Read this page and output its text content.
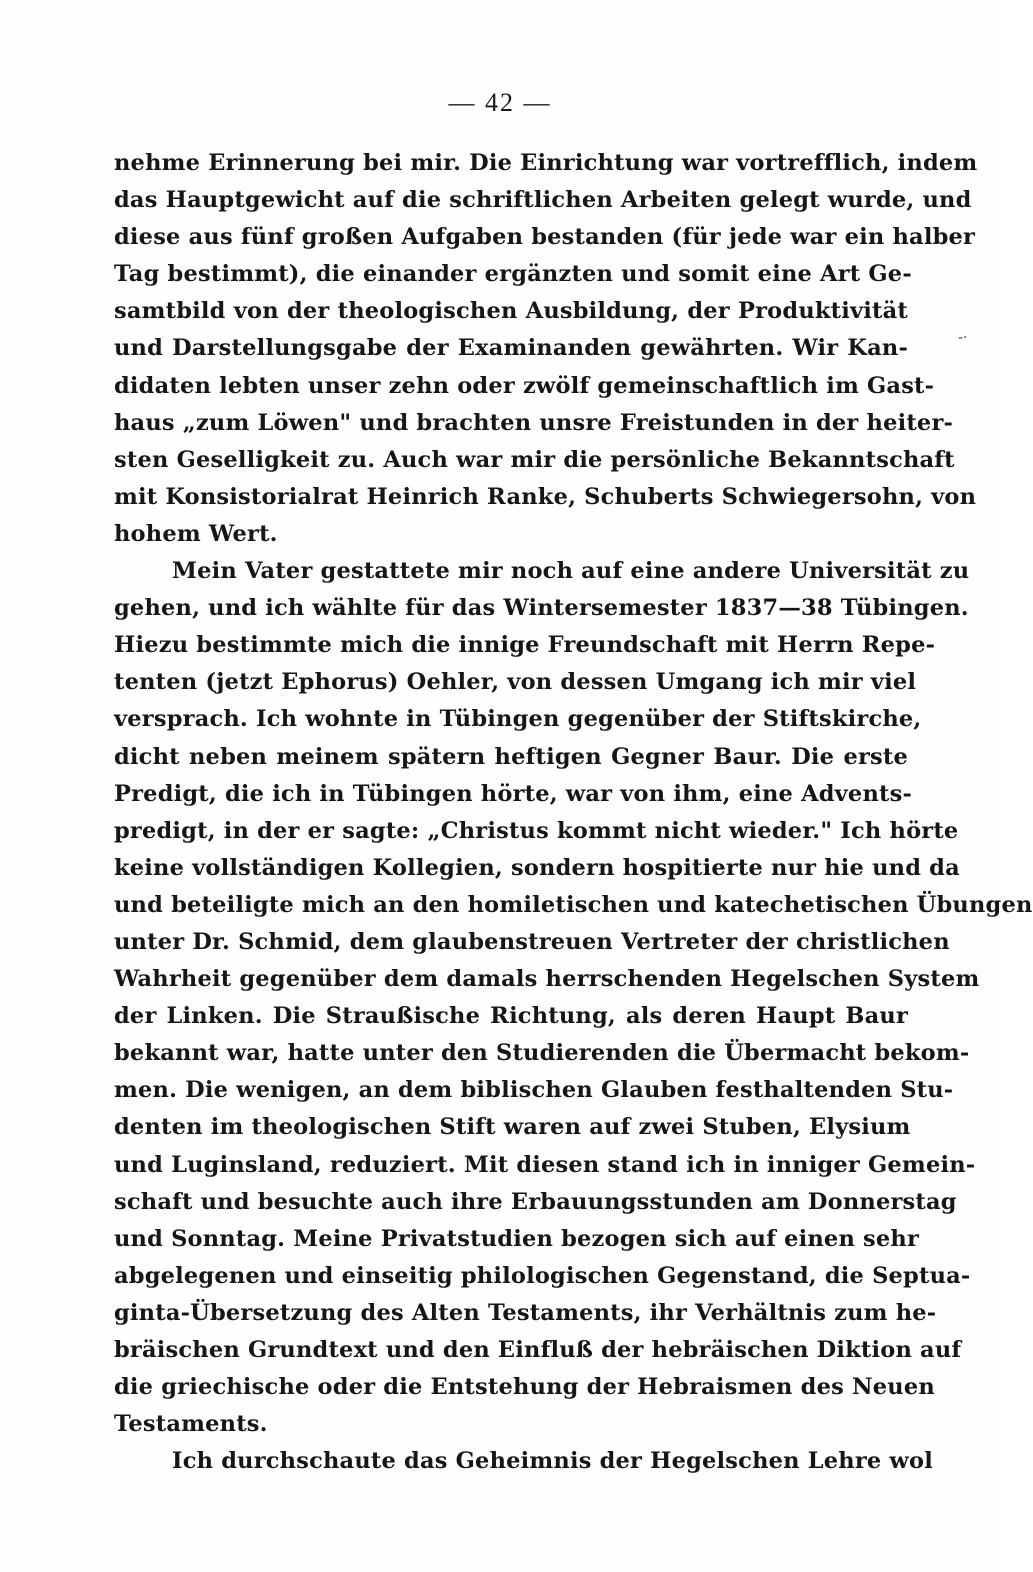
— 42 —
-·
nehme Erinnerung bei mir. Die Einrichtung war vortrefflich, indem
das Hauptgewicht auf die schriftlichen Arbeiten gelegt wurde, und
diese aus fünf großen Aufgaben bestanden (für jede war ein halber
Tag bestimmt), die einander ergänzten und somit eine Art Ge-
samtbild von der theologischen Ausbildung, der Produktivität
und Darstellungsgabe der Examinanden gewährten. Wir Kan-
didaten lebten unser zehn oder zwölf gemeinschaftlich im Gast-
haus „zum Löwen" und brachten unsre Freistunden in der heiter-
sten Geselligkeit zu. Auch war mir die persönliche Bekanntschaft
mit Konsistorialrat Heinrich Ranke, Schuberts Schwiegersohn, von
hohem Wert.
Mein Vater gestattete mir noch auf eine andere Universität zu
gehen, und ich wählte für das Wintersemester 1837—38 Tübingen.
Hiezu bestimmte mich die innige Freundschaft mit Herrn Repe-
tenten (jetzt Ephorus) Oehler, von dessen Umgang ich mir viel
versprach. Ich wohnte in Tübingen gegenüber der Stiftskirche,
dicht neben meinem spätern heftigen Gegner Baur. Die erste
Predigt, die ich in Tübingen hörte, war von ihm, eine Advents-
predigt, in der er sagte: „Christus kommt nicht wieder." Ich hörte
keine vollständigen Kollegien, sondern hospitierte nur hie und da
und beteiligte mich an den homiletischen und katechetischen Übungen
unter Dr. Schmid, dem glaubenstreuen Vertreter der christlichen
Wahrheit gegenüber dem damals herrschenden Hegelschen System
der Linken. Die Straußische Richtung, als deren Haupt Baur
bekannt war, hatte unter den Studierenden die Übermacht bekom-
men. Die wenigen, an dem biblischen Glauben festhaltenden Stu-
denten im theologischen Stift waren auf zwei Stuben, Elysium
und Luginsland, reduziert. Mit diesen stand ich in inniger Gemein-
schaft und besuchte auch ihre Erbauungsstunden am Donnerstag
und Sonntag. Meine Privatstudien bezogen sich auf einen sehr
abgelegenen und einseitig philologischen Gegenstand, die Septua-
ginta-Übersetzung des Alten Testaments, ihr Verhältnis zum he-
bräischen Grundtext und den Einfluß der hebräischen Diktion auf
die griechische oder die Entstehung der Hebraismen des Neuen
Testaments.
Ich durchschaute das Geheimnis der Hegelschen Lehre wol
